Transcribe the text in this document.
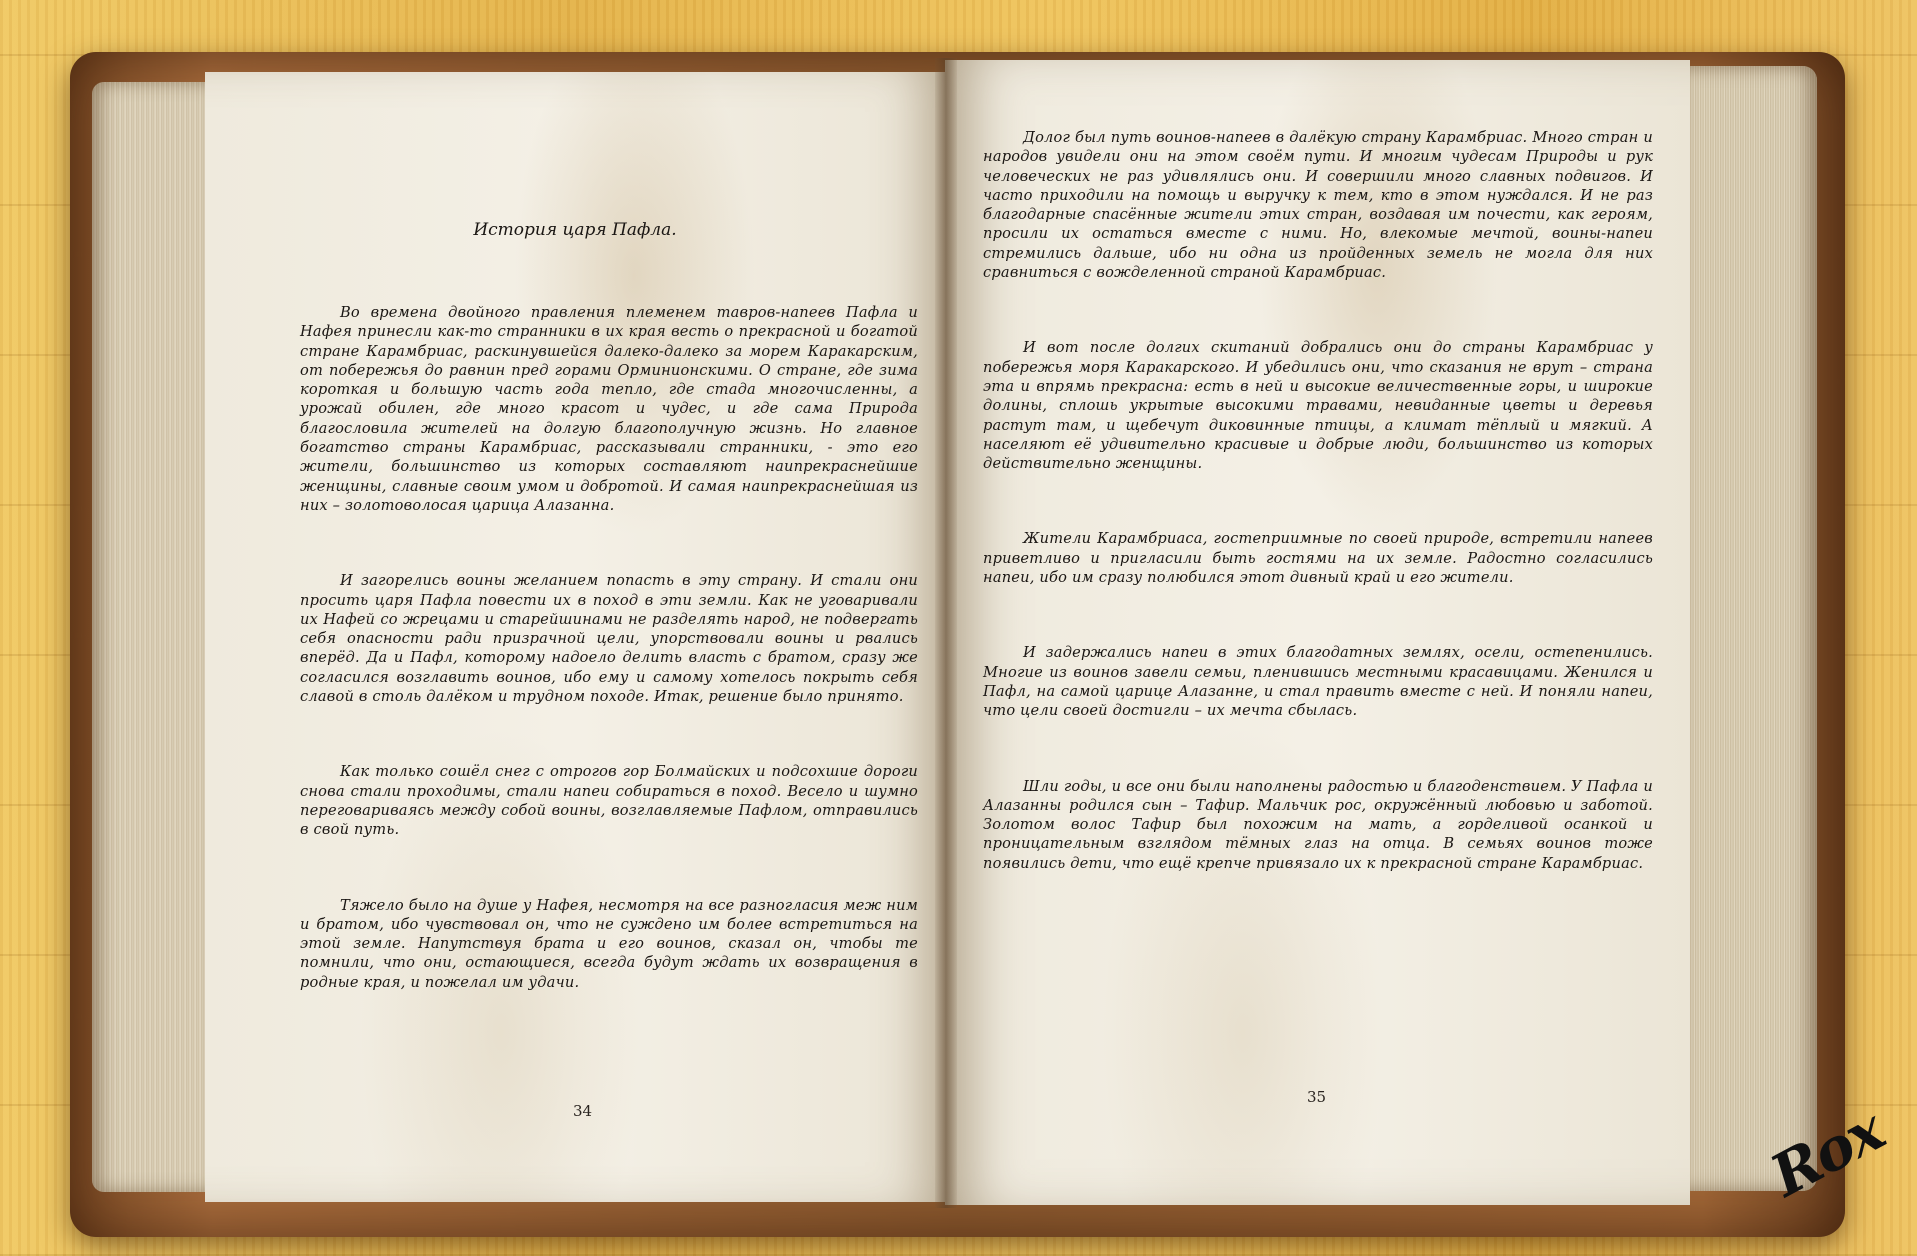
История царя Пафла.

Во времена двойного правления племенем тавров-напеев Пафла и Нафея принесли как-то странники в их края весть о прекрасной и богатой стране Карамбриас, раскинувшейся далеко-далеко за морем Каракарским, от побережья до равнин пред горами Орминионскими. О стране, где зима короткая и большую часть года тепло, где стада многочисленны, а урожай обилен, где много красот и чудес, и где сама Природа благословила жителей на долгую благополучную жизнь. Но главное богатство страны Карамбриас, рассказывали странники, - это его жители, большинство из которых составляют наипрекраснейшие женщины, славные своим умом и добротой. И самая наипрекраснейшая из них – золотоволосая царица Алазанна.

И загорелись воины желанием попасть в эту страну. И стали они просить царя Пафла повести их в поход в эти земли. Как не уговаривали их Нафей со жрецами и старейшинами не разделять народ, не подвергать себя опасности ради призрачной цели, упорствовали воины и рвались вперёд. Да и Пафл, которому надоело делить власть с братом, сразу же согласился возглавить воинов, ибо ему и самому хотелось покрыть себя славой в столь далёком и трудном походе. Итак, решение было принято.

Как только сошёл снег с отрогов гор Болмайских и подсохшие дороги снова стали проходимы, стали напеи собираться в поход. Весело и шумно переговариваясь между собой воины, возглавляемые Пафлом, отправились в свой путь.

Тяжело было на душе у Нафея, несмотря на все разногласия меж ним и братом, ибо чувствовал он, что не суждено им более встретиться на этой земле. Напутствуя брата и его воинов, сказал он, чтобы те помнили, что они, остающиеся, всегда будут ждать их возвращения в родные края, и пожелал им удачи.

Долог был путь воинов-напеев в далёкую страну Карамбриас. Много стран и народов увидели они на этом своём пути. И многим чудесам Природы и рук человеческих не раз удивлялись они. И совершили много славных подвигов. И часто приходили на помощь и выручку к тем, кто в этом нуждался. И не раз благодарные спасённые жители этих стран, воздавая им почести, как героям, просили их остаться вместе с ними. Но, влекомые мечтой, воины-напеи стремились дальше, ибо ни одна из пройденных земель не могла для них сравниться с вожделенной страной Карамбриас.

И вот после долгих скитаний добрались они до страны Карамбриас у побережья моря Каракарского. И убедились они, что сказания не врут – страна эта и впрямь прекрасна: есть в ней и высокие величественные горы, и широкие долины, сплошь укрытые высокими травами, невиданные цветы и деревья растут там, и щебечут диковинные птицы, а климат тёплый и мягкий. А населяют её удивительно красивые и добрые люди, большинство из которых действительно женщины.

Жители Карамбриаса, гостеприимные по своей природе, встретили напеев приветливо и пригласили быть гостями на их земле. Радостно согласились напеи, ибо им сразу полюбился этот дивный край и его жители.

И задержались напеи в этих благодатных землях, осели, остепенились. Многие из воинов завели семьи, пленившись местными красавицами. Женился и Пафл, на самой царице Алазанне, и стал править вместе с ней. И поняли напеи, что цели своей достигли – их мечта сбылась.

Шли годы, и все они были наполнены радостью и благоденствием. У Пафла и Алазанны родился сын – Тафир. Мальчик рос, окружённый любовью и заботой. Золотом волос Тафир был похожим на мать, а горделивой осанкой и проницательным взглядом тёмных глаз на отца. В семьях воинов тоже появились дети, что ещё крепче привязало их к прекрасной стране Карамбриас.

34
35	Rox
